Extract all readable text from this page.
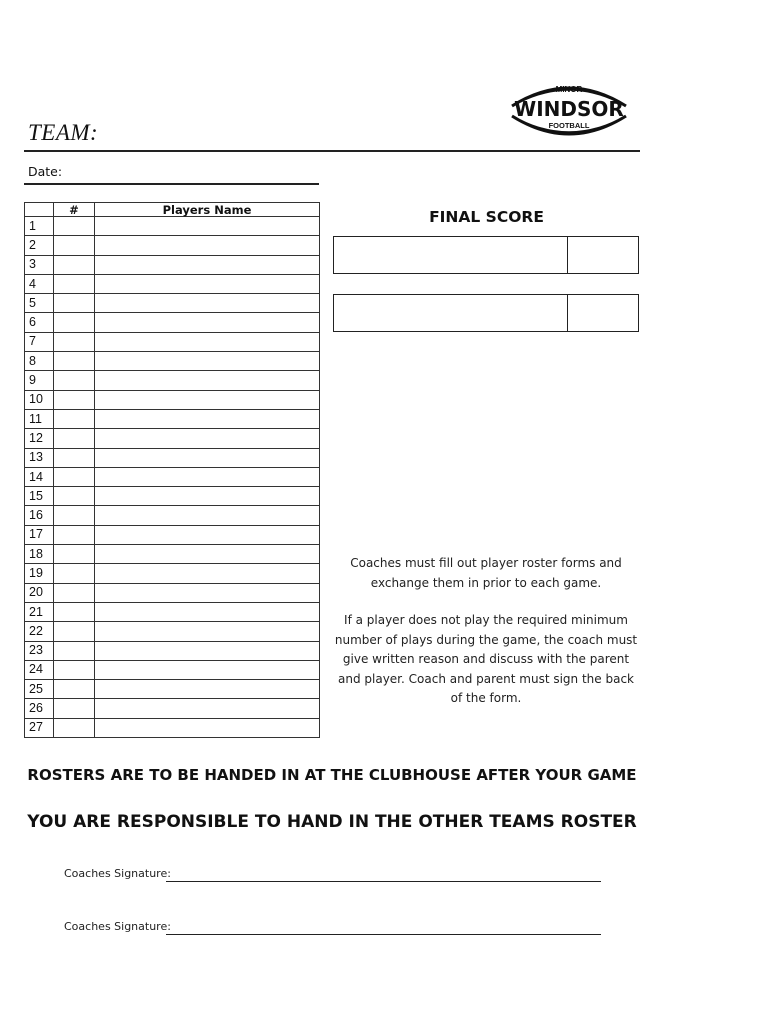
MINOR
WINDSOR
FOOTBALL
TEAM:
Date:
	#	Players Name
1		
2		
3		
4		
5		
6		
7		
8		
9		
10		
11		
12		
13		
14		
15		
16		
17		
18		
19		
20		
21		
22		
23		
24		
25		
26		
27		
FINAL SCORE
Coaches must fill out player roster forms and exchange them in prior to each game.
If a player does not play the required minimum number of plays during the game, the coach must give written reason and discuss with the parent and player. Coach and parent must sign the back of the form.
ROSTERS ARE TO BE HANDED IN AT THE CLUBHOUSE AFTER YOUR GAME
YOU ARE RESPONSIBLE TO HAND IN THE OTHER TEAMS ROSTER
Coaches Signature:
Coaches Signature:
